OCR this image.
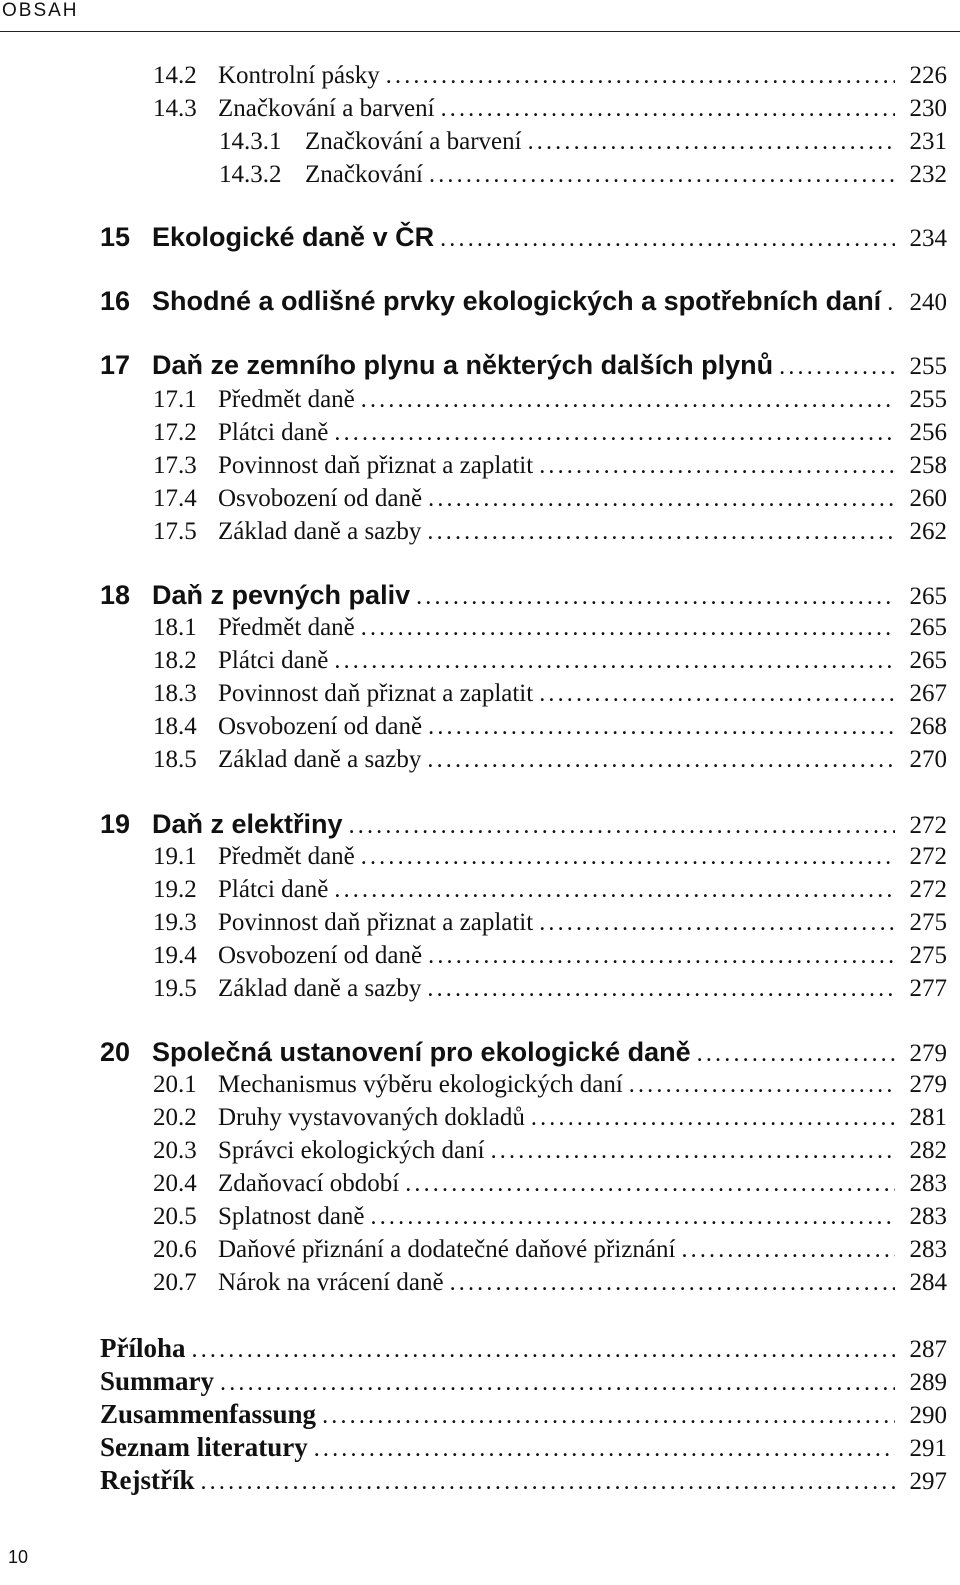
OBSAH
14.2 Kontrolní pásky .....	226
14.3 Značkování a barvení .....	230
14.3.1 Značkování a barvení .....	231
14.3.2 Značkování .....	232
15 Ekologické daně v ČR .....	234
16 Shodné a odlišné prvky ekologických a spotřebních daní .....	240
17 Daň ze zemního plynu a některých dalších plynů .....	255
17.1 Předmět daně .....	255
17.2 Plátci daně .....	256
17.3 Povinnost daň přiznat a zaplatit .....	258
17.4 Osvobození od daně .....	260
17.5 Základ daně a sazby .....	262
18 Daň z pevných paliv .....	265
18.1 Předmět daně .....	265
18.2 Plátci daně .....	265
18.3 Povinnost daň přiznat a zaplatit .....	267
18.4 Osvobození od daně .....	268
18.5 Základ daně a sazby .....	270
19 Daň z elektřiny .....	272
19.1 Předmět daně .....	272
19.2 Plátci daně .....	272
19.3 Povinnost daň přiznat a zaplatit .....	275
19.4 Osvobození od daně .....	275
19.5 Základ daně a sazby .....	277
20 Společná ustanovení pro ekologické daně .....	279
20.1 Mechanismus výběru ekologických daní .....	279
20.2 Druhy vystavovaných dokladů .....	281
20.3 Správci ekologických daní .....	282
20.4 Zdaňovací období .....	283
20.5 Splatnost daně .....	283
20.6 Daňové přiznání a dodatečné daňové přiznání .....	283
20.7 Nárok na vrácení daně .....	284
Příloha .....	287
Summary .....	289
Zusammenfassung .....	290
Seznam literatury .....	291
Rejstřík .....	297
10
